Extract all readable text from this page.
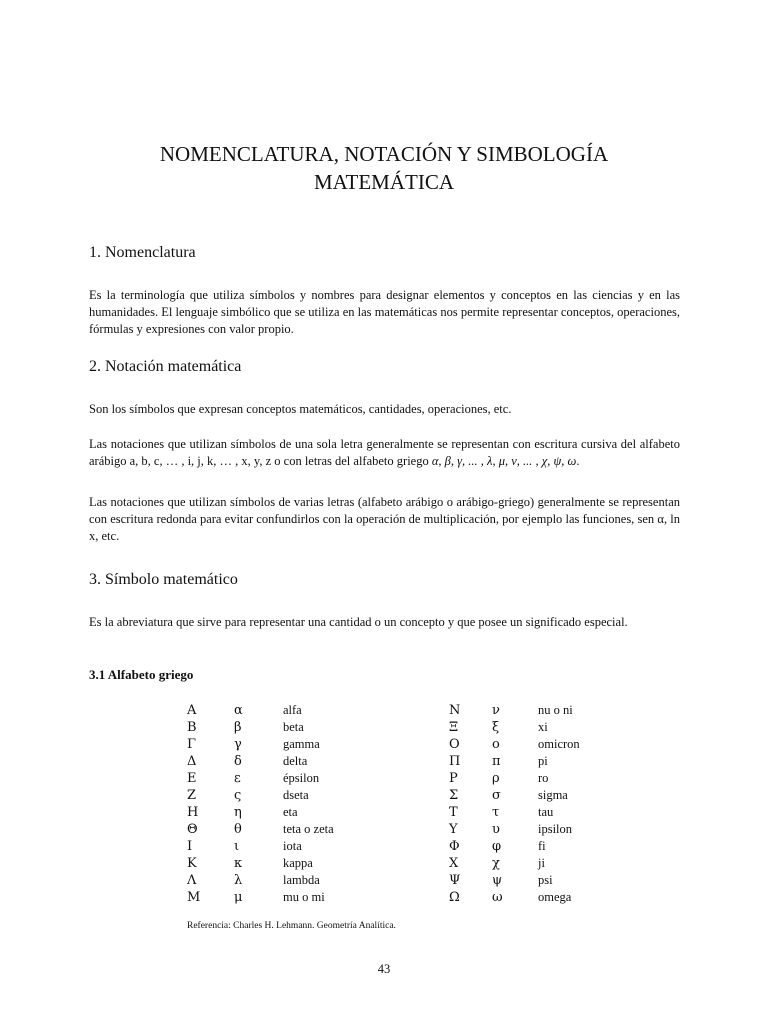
NOMENCLATURA, NOTACIÓN Y SIMBOLOGÍA
MATEMÁTICA
1. Nomenclatura
Es la terminología que utiliza símbolos y nombres para designar elementos y conceptos en las ciencias y en las humanidades. El lenguaje simbólico que se utiliza en las matemáticas nos permite representar conceptos, operaciones, fórmulas y expresiones con valor propio.
2. Notación matemática
Son los símbolos que expresan conceptos matemáticos, cantidades, operaciones, etc.
Las notaciones que utilizan símbolos de una sola letra generalmente se representan con escritura cursiva del alfabeto arábigo a, b, c, … , i, j, k, … , x, y, z o con letras del alfabeto griego α, β, γ, ... , λ, μ, ν, ... , χ, ψ, ω.
Las notaciones que utilizan símbolos de varias letras (alfabeto arábigo o arábigo-griego) generalmente se representan con escritura redonda para evitar confundirlos con la operación de multiplicación, por ejemplo las funciones, sen α, ln x, etc.
3. Símbolo matemático
Es la abreviatura que sirve para representar una cantidad o un concepto y que posee un significado especial.
3.1 Alfabeto griego
Α	α	alfa	Ν ν	nu o ni
Β	β	beta	Ξ	ξ	xi
Γ	γ	gamma	Ο ο	omicron
Δ	δ	delta	Π π	pi
Ε	ε	épsilon	Ρ	ρ	ro
Ζ	ς	dseta	Σ	σ	sigma
Η	η	eta	Τ	τ	tau
Θ	θ	teta o zeta	Υ	υ	ipsilon
Ι	ι	iota	Φ φ	fi
Κ	κ	kappa	Χ	χ	ji
Λ	λ	lambda	Ψ ψ	psi
Μ	μ	mu o mi	Ω ω	omega
Referencia: Charles H. Lehmann. Geometría Analítica.
43
